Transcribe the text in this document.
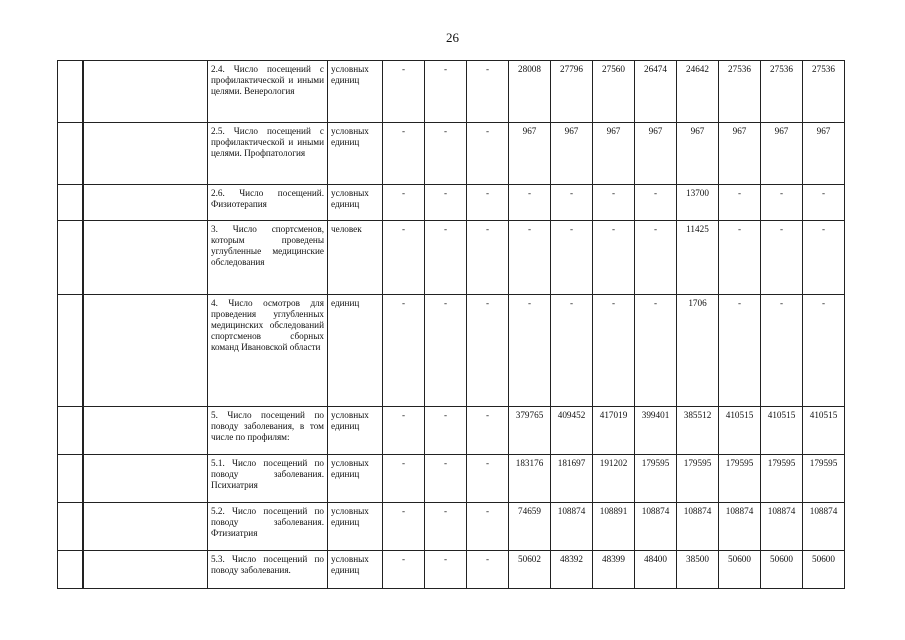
26
		2.4. Число посещений с профилактической и иными целями. Венерология	условных единиц	-	-	-	28008	27796	27560	26474	24642	27536	27536	27536
		2.5. Число посещений с профилактической и иными целями. Профпатология	условных единиц	-	-	-	967	967	967	967	967	967	967	967
		2.6. Число посещений. Физиотерапия	условных единиц	-	-	-	-	-	-	-	13700	-	-	-
		3. Число спортсменов, которым проведены углубленные медицинские обследования	человек	-	-	-	-	-	-	-	11425	-	-	-
		4. Число осмотров для проведения углубленных медицинских обследований спортсменов сборных команд Ивановской области	единиц	-	-	-	-	-	-	-	1706	-	-	-
		5. Число посещений по поводу заболевания, в том числе по профилям:	условных единиц	-	-	-	379765	409452	417019	399401	385512	410515	410515	410515
		5.1. Число посещений по поводу заболевания. Психиатрия	условных единиц	-	-	-	183176	181697	191202	179595	179595	179595	179595	179595
		5.2. Число посещений по поводу заболевания. Фтизиатрия	условных единиц	-	-	-	74659	108874	108891	108874	108874	108874	108874	108874
		5.3. Число посещений по поводу заболевания.	условных единиц	-	-	-	50602	48392	48399	48400	38500	50600	50600	50600
